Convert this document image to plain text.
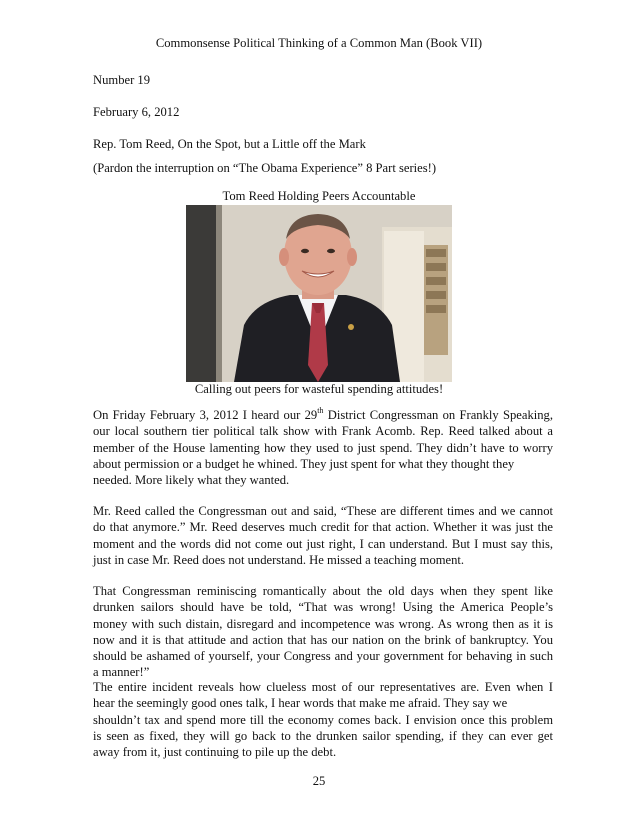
Commonsense Political Thinking of a Common Man (Book VII)
Number 19
February 6, 2012
Rep. Tom Reed, On the Spot, but a Little off the Mark
(Pardon the interruption on “The Obama Experience” 8 Part series!)
Tom Reed Holding Peers Accountable
Calling out peers for wasteful spending attitudes!
On Friday February 3, 2012 I heard our 29th District Congressman on Frankly Speaking,
our local southern tier political talk show with Frank Acomb. Rep. Reed talked about a
member of the House lamenting how they used to just spend. They didn’t have to worry
about permission or a budget he whined. They just spent for what they thought they
needed. More likely what they wanted.
Mr. Reed called the Congressman out and said, “These are different times and we cannot
do that anymore.” Mr. Reed deserves much credit for that action. Whether it was just the
moment and the words did not come out just right, I can understand. But I must say this,
just in case Mr. Reed does not understand. He missed a teaching moment.
That Congressman reminiscing romantically about the old days when they spent like
drunken sailors should have be told, “That was wrong! Using the America People’s
money with such distain, disregard and incompetence was wrong. As wrong then as it is
now and it is that attitude and action that has our nation on the brink of bankruptcy. You
should be ashamed of yourself, your Congress and your government for behaving in such
a manner!”
The entire incident reveals how clueless most of our representatives are. Even when I
hear the seemingly good ones talk, I hear words that make me afraid. They say we
shouldn’t tax and spend more till the economy comes back. I envision once this problem
is seen as fixed, they will go back to the drunken sailor spending, if they can ever get
away from it, just continuing to pile up the debt.
25
